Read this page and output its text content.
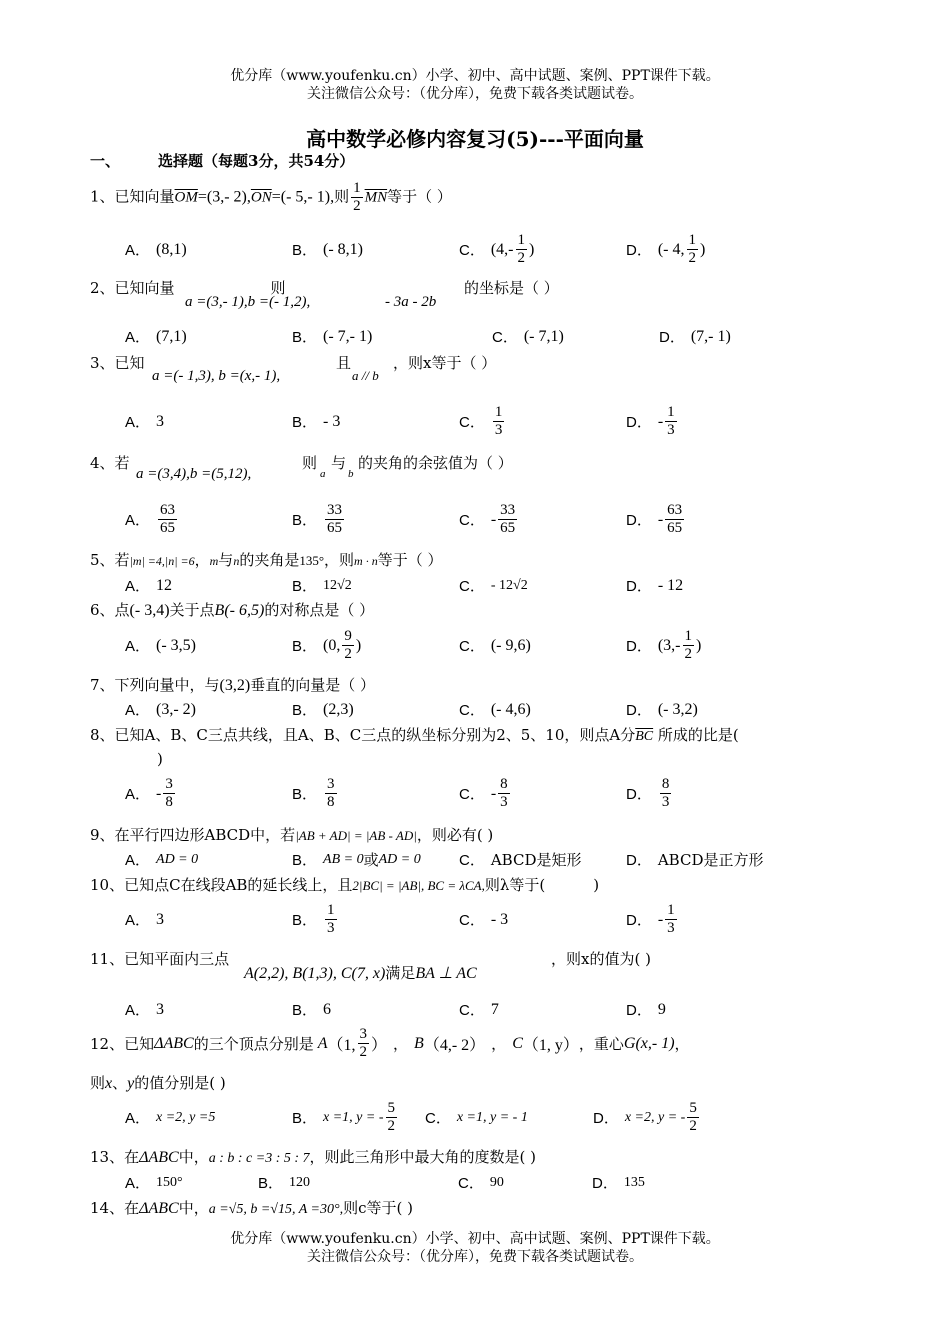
优分库（www.youfenku.cn）小学、初中、高中试题、案例、PPT课件下载。
关注微信公众号：（优分库），免费下载各类试题试卷。
高中数学必修内容复习(5)---平面向量
一、	选择题（每题3分，共54分）
1、已知向量$\overline{OM}=(3,-$ $2),\overline{ON}=(-$ 5,- 1),则 $\frac{1}{2} \overline{MN}$等于（ ）
A． (8,1)	B． (- 8,1)	C． ($4,- \frac{1}{2}$ )	D． (- 4, $\frac{1}{2}$ )
2、已知向量	则	的坐标是（ ）
a =(3,- 1),b =(- 1,2),	- 3a - 2b
A． (7,1)	B． (- 7,- 1)	C． (- 7,1)	D． (7,- 1)
3、已知	且	，则x等于（ ）
a =(- 1,3), b =(x,- 1),	a // b
A． 3	B． - 3	C． $\frac{1}{3}$	D． - $\frac{1}{3}$
4、若	则 与 的夹角的余弦值为（ ）
a =(3,4),b =(5,12),	a b
A． $\frac{63}{65}$	B． $\frac{33}{65}$	C． - $\frac{33}{65}$	D． - $\frac{63}{65}$
5、若|m| =4,|n| =6，m与n的夹角是135°，则m · n等于（ ）
A． 12	B． 12√2	C． - 12√2	D． - 12
6、点(- 3,4)关于点B(- 6,5)的对称点是（ ）
A． (- 3,5)	B． (0, $\frac{9}{2}$ )	C． (- 9,6)	D． ($3,- \frac{1}{2}$ )
7、下列向量中，与(3,2)垂直的向量是（ ）
A． (3,- 2)	B． (2,3)	C． (- 4,6)	D． (- 3,2)
8、已知A、B、C三点共线，且A、B、C三点的纵坐标分别为2、5、10，则点A分$\overline{BC}$ 所成的比是(
)
A． - $\frac{3}{8}$	B． $\frac{3}{8}$	C． - $\frac{8}{3}$	D． $\frac{8}{3}$
9、在平行四边形ABCD中，若|AB + AD| = |AB - AD|，则必有( )
A． AD = 0	B． AB = 0 或 AD = 0	C． ABCD是矩形	D． ABCD是正方形
10、已知点C在线段AB的延长线上，且2|BC| = |AB|, BC = λCA,则λ等于(	)
A． 3	B． $\frac{1}{3}$	C． - 3	D． - $\frac{1}{3}$
11、已知平面内三点
A(2,2), B(1,3), C(7, x)满足BA ⊥ AC
，则x的值为( )
A． 3	B． 6	C． 7	D． 9
12、已知 ΔABC 的三个顶点分别是 A （1, $\frac{3}{2}$ ） ， B （4,- 2） ， C （1, y） ，重心 G(x,- 1) ，
则x、y的值分别是( )
A． x =2, y =5	B． x =1, y = - $\frac{5}{2}$ C． x =1, y = - 1	D． x =2, y = - $\frac{5}{2}$
13、在ΔABC中，a : b : c =3 : 5 : 7，则此三角形中最大角的度数是( )
A． 150°	B． 120	C． 90	D． 135
14、在ΔABC中，a =√5, b =√15, A =30°,则c等于( )
优分库（www.youfenku.cn）小学、初中、高中试题、案例、PPT课件下载。
关注微信公众号：（优分库），免费下载各类试题试卷。
